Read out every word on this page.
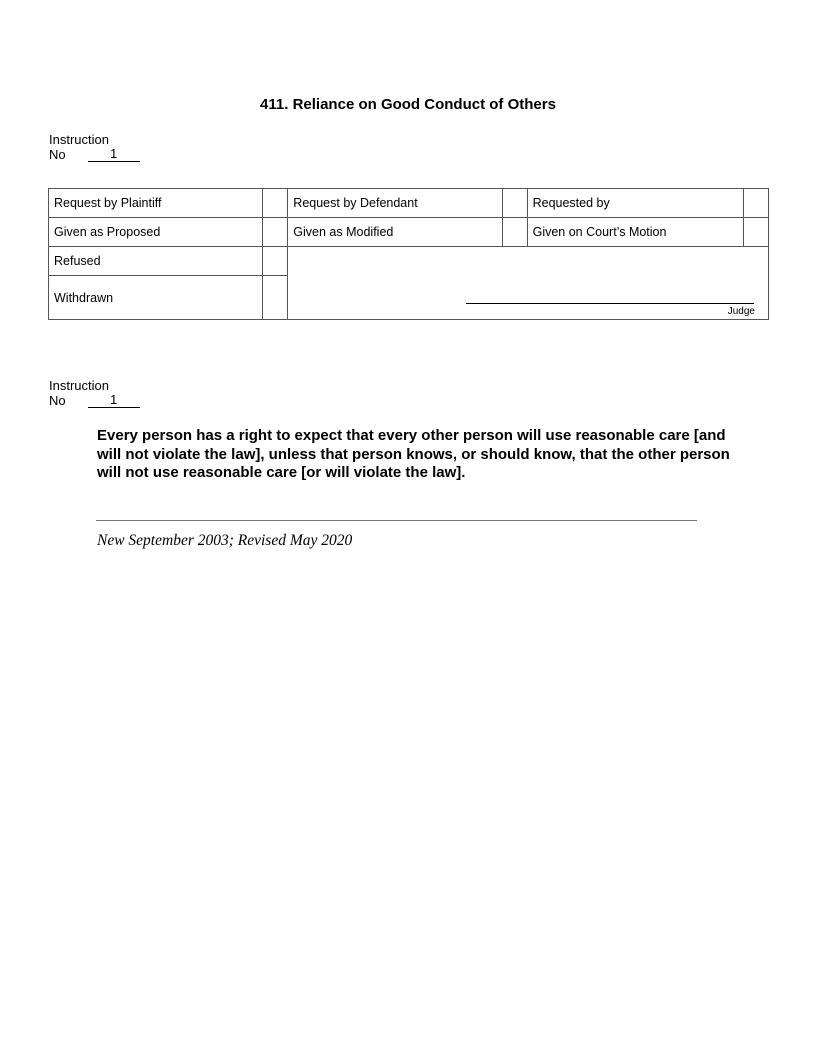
411. Reliance on Good Conduct of Others
Instruction
No	1
Request by Plaintiff		Request by Defendant		Requested by	
Given as Proposed		Given as Modified		Given on Court’s Motion	
Refused		Judge			

Withdrawn					
Instruction
No	1
Every person has a right to expect that every other person will use reasonable care [and will not violate the law], unless that person knows, or should know, that the other person will not use reasonable care [or will violate the law].
New September 2003; Revised May 2020
